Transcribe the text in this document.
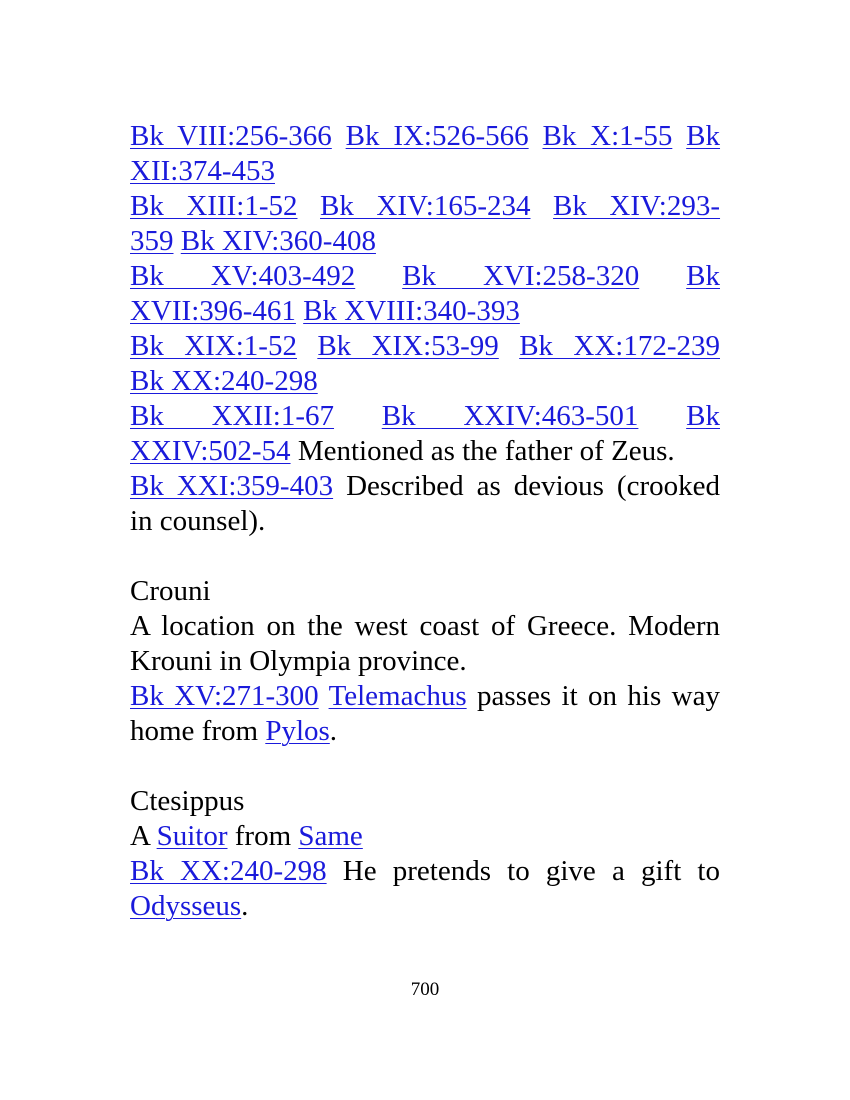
Bk VIII:256-366 Bk IX:526-566 Bk X:1-55 Bk
XII:374-453
Bk XIII:1-52 Bk XIV:165-234 Bk XIV:293-
359 Bk XIV:360-408
Bk XV:403-492 Bk XVI:258-320 Bk
XVII:396-461 Bk XVIII:340-393
Bk XIX:1-52 Bk XIX:53-99 Bk XX:172-239
Bk XX:240-298
Bk XXII:1-67 Bk XXIV:463-501 Bk
XXIV:502-54 Mentioned as the father of Zeus.

Bk XXI:359-403 Described as devious (crooked in counsel).

Crouni

A location on the west coast of Greece. Modern Krouni in Olympia province.

Bk XV:271-300 Telemachus passes it on his way home from Pylos.

Ctesippus
A Suitor from Same

Bk XX:240-298 He pretends to give a gift to Odysseus.

700
